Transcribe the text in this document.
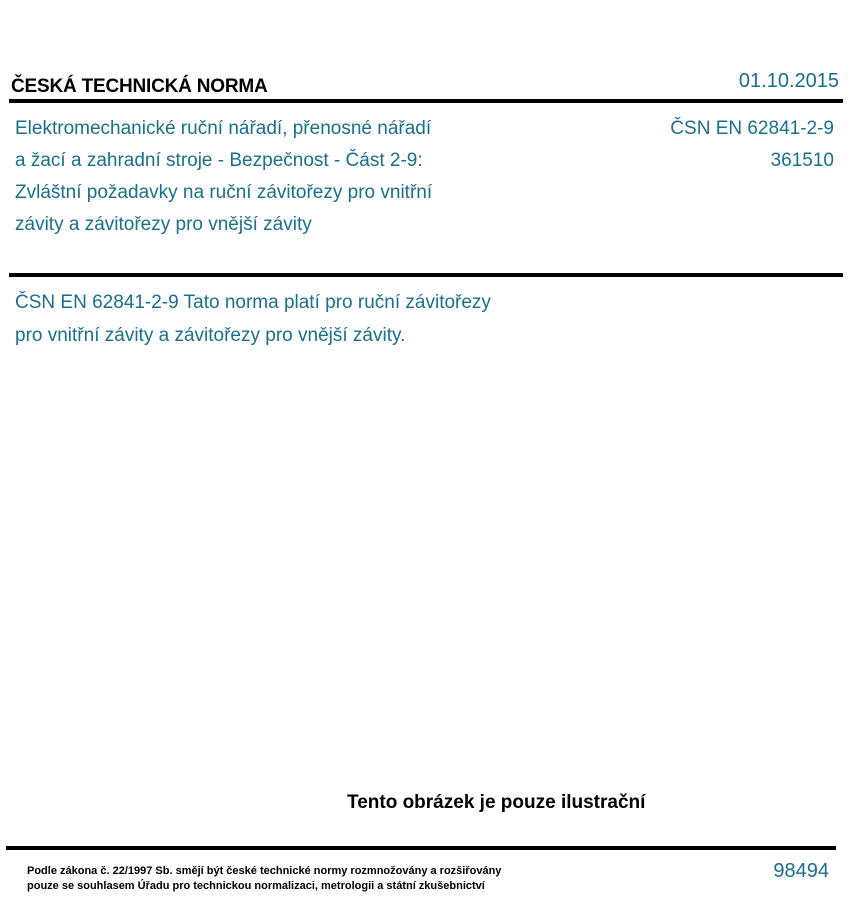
ČESKÁ TECHNICKÁ NORMA	01.10.2015
Elektromechanické ruční nářadí, přenosné nářadí
a žací a zahradní stroje - Bezpečnost - Část 2-9:
Zvláštní požadavky na ruční závitořezy pro vnitřní
závity a závitořezy pro vnější závity
ČSN EN 62841-2-9
361510
ČSN EN 62841-2-9 Tato norma platí pro ruční závitořezy
pro vnitřní závity a závitořezy pro vnější závity.
Tento obrázek je pouze ilustrační
Podle zákona č. 22/1997 Sb. smějí být české technické normy rozmnožovány a rozšiřovány
pouze se souhlasem Úřadu pro technickou normalizaci, metrologii a státní zkušebnictví
98494
